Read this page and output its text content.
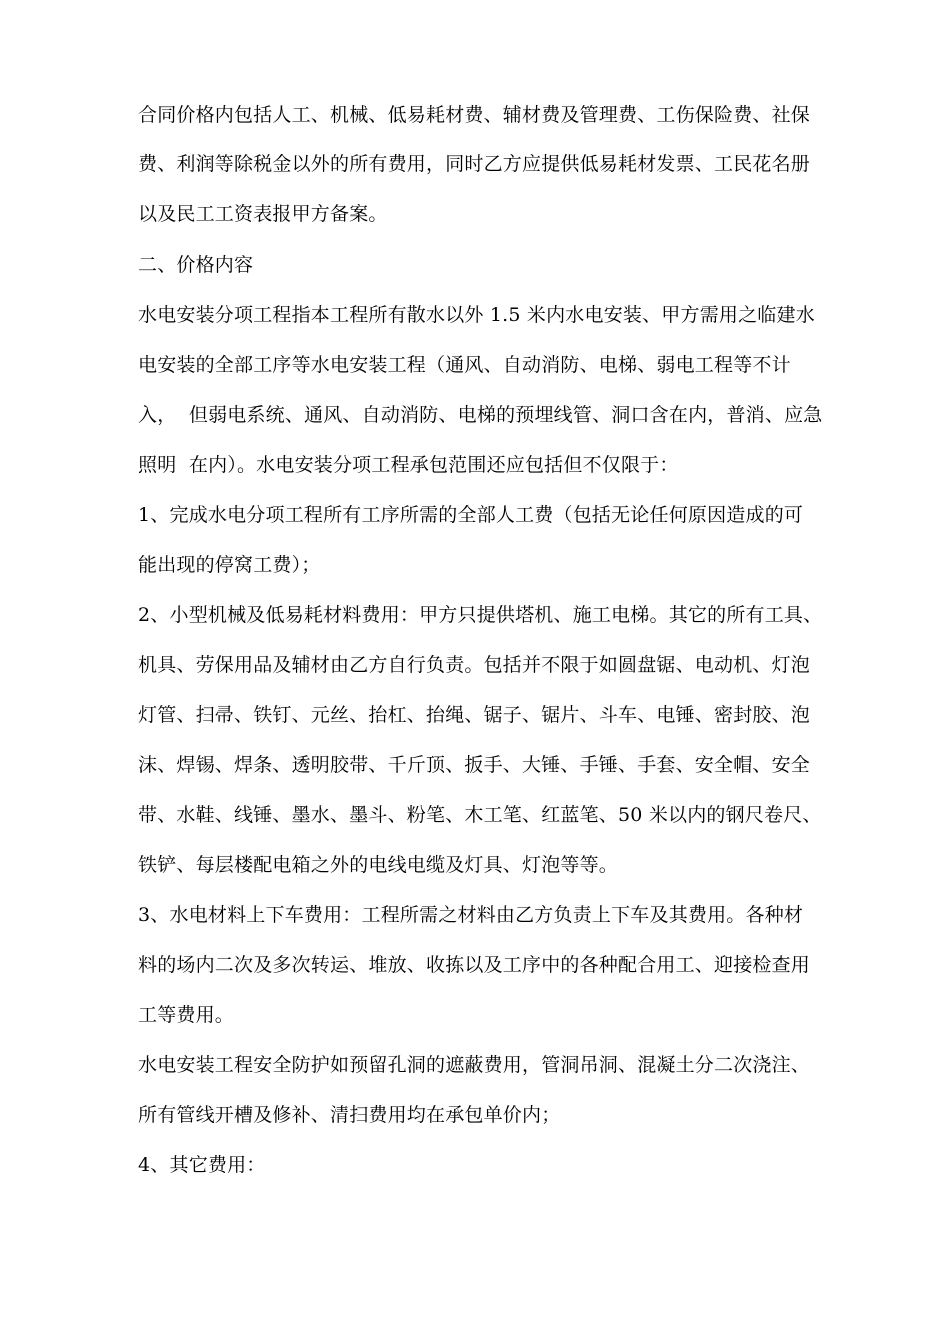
合同价格内包括人工、机械、低易耗材费、辅材费及管理费、工伤保险费、社保
费、利润等除税金以外的所有费用，同时乙方应提供低易耗材发票、工民花名册
以及民工工资表报甲方备案。
二、价格内容
水电安装分项工程指本工程所有散水以外 1.5 米内水电安装、甲方需用之临建水
电安装的全部工序等水电安装工程（通风、自动消防、电梯、弱电工程等不计
入，  但弱电系统、通风、自动消防、电梯的预埋线管、洞口含在内，普消、应急
照明  在内）。水电安装分项工程承包范围还应包括但不仅限于：
1、完成水电分项工程所有工序所需的全部人工费（包括无论任何原因造成的可
能出现的停窝工费）；
2、小型机械及低易耗材料费用：甲方只提供塔机、施工电梯。其它的所有工具、
机具、劳保用品及辅材由乙方自行负责。包括并不限于如圆盘锯、电动机、灯泡
灯管、扫帚、铁钉、元丝、抬杠、抬绳、锯子、锯片、斗车、电锤、密封胶、泡
沫、焊锡、焊条、透明胶带、千斤顶、扳手、大锤、手锤、手套、安全帽、安全
带、水鞋、线锤、墨水、墨斗、粉笔、木工笔、红蓝笔、50 米以内的钢尺卷尺、
铁铲、每层楼配电箱之外的电线电缆及灯具、灯泡等等。
3、水电材料上下车费用：工程所需之材料由乙方负责上下车及其费用。各种材
料的场内二次及多次转运、堆放、收拣以及工序中的各种配合用工、迎接检查用
工等费用。
水电安装工程安全防护如预留孔洞的遮蔽费用，管洞吊洞、混凝土分二次浇注、
所有管线开槽及修补、清扫费用均在承包单价内；
4、其它费用：
